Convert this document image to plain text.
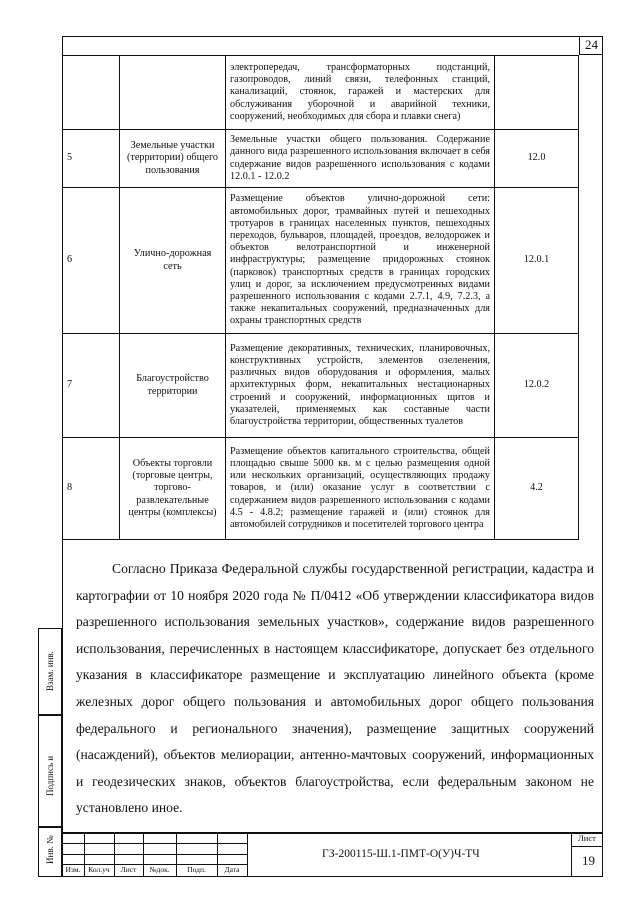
24
		электропередач, трансформаторных подстанций, газопроводов, линий связи, телефонных станций, канализаций, стоянок, гаражей и мастерских для обслуживания уборочной и аварийной техники, сооружений, необходимых для сбора и плавки снега)	
5	Земельные участки (территории) общего пользования	Земельные участки общего пользования. Содержание данного вида разрешенного использования включает в себя содержание видов разрешенного использования с кодами 12.0.1 - 12.0.2	12.0
6	Улично-дорожная сеть	Размещение объектов улично-дорожной сети: автомобильных дорог, трамвайных путей и пешеходных тротуаров в границах населенных пунктов, пешеходных переходов, бульваров, площадей, проездов, велодорожек и объектов велотранспортной и инженерной инфраструктуры; размещение придорожных стоянок (парковок) транспортных средств в границах городских улиц и дорог, за исключением предусмотренных видами разрешенного использования с кодами 2.7.1, 4.9, 7.2.3, а также некапитальных сооружений, предназначенных для охраны транспортных средств	12.0.1
7	Благоустройство территории	Размещение декоративных, технических, планировочных, конструктивных устройств, элементов озеленения, различных видов оборудования и оформления, малых архитектурных форм, некапитальных нестационарных строений и сооружений, информационных щитов и указателей, применяемых как составные части благоустройства территории, общественных туалетов	12.0.2
8	Объекты торговли (торговые центры, торгово-развлекательные центры (комплексы)	Размещение объектов капитального строительства, общей площадью свыше 5000 кв. м с целью размещения одной или нескольких организаций, осуществляющих продажу товаров, и (или) оказание услуг в соответствии с содержанием видов разрешенного использования с кодами 4.5 - 4.8.2; размещение гаражей и (или) стоянок для автомобилей сотрудников и посетителей торгового центра	4.2
Согласно Приказа Федеральной службы государственной регистрации, кадастра и картографии от 10 ноября 2020 года № П/0412 «Об утверждении классификатора видов разрешенного использования земельных участков», содержание видов разрешенного использования, перечисленных в настоящем классификаторе, допускает без отдельного указания в классификаторе размещение и эксплуатацию линейного объекта (кроме железных дорог общего пользования и автомобильных дорог общего пользования федерального и регионального значения), размещение защитных сооружений (насаждений), объектов мелиорации, антенно-мачтовых сооружений, информационных и геодезических знаков, объектов благоустройства, если федеральным законом не установлено иное.
Взам. инв.
Подпись и
Инв. №
Изм.	Кол.уч	Лист	№док.	Подп.	Дата
ГЗ-200115-Ш.1-ПМТ-О(У)Ч-ТЧ
Лист
19
